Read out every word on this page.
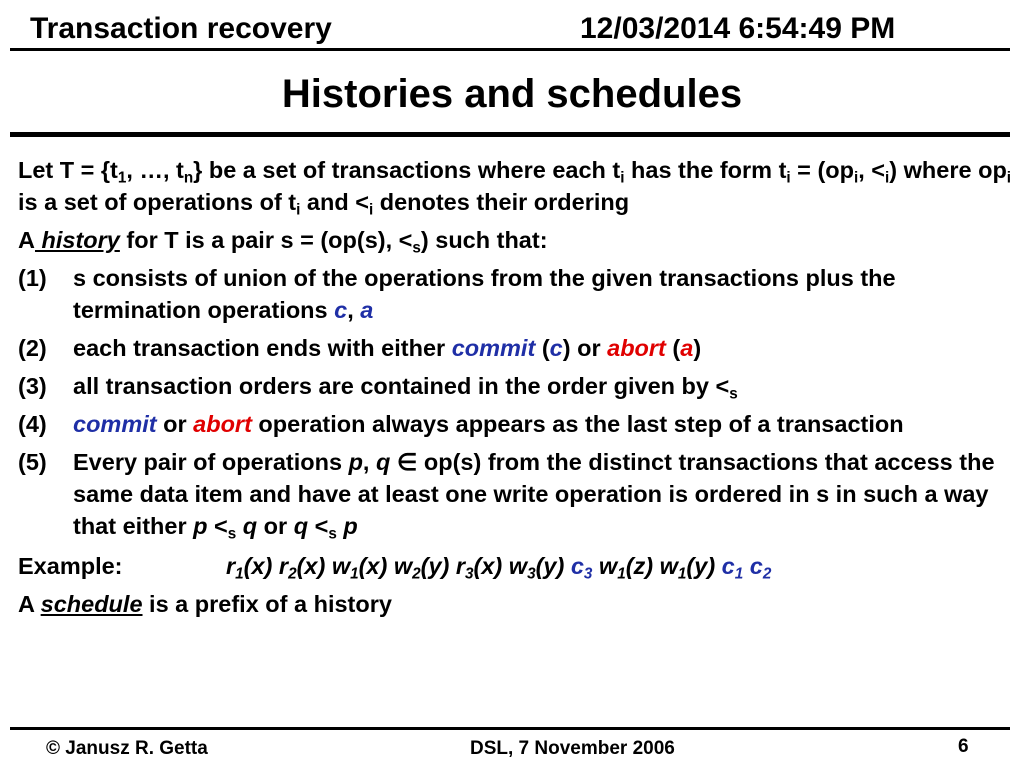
Transaction recovery	12/03/2014 6:54:49 PM
Histories and schedules

Let $T = \{t_1$, …, $t_n$} be a set of transactions where each $t_i$ has the form $t_i = (op_i$, $<_i$) where $op_i$ is a set of operations of $t_i$ and $<_i$ denotes their ordering

A history for T is a pair s = (op(s), $<_s$) such that:

(1)	s consists of union of the operations from the given transactions plus the termination operations c, a
(2)	each transaction ends with either commit (c) or abort (a)
(3)	all transaction orders are contained in the order given by $<_s$
(4)	commit or abort operation always appears as the last step of a transaction
(5)	Every pair of operations p, q ∈ op(s) from the distinct transactions that access the same data item and have at least one write operation is ordered in s in such a way that either $p <_s$ q or $q <_s$ p
Example:	$r_1(x)$ $r_2(x)$ $w_1(x)$ $w_2(y)$ $r_3(x)$ $w_3(y)$ $c_3$ $w_1(z)$ $w_1(y)$ $c_1$ $c_2$

A schedule is a prefix of a history

© Janusz R. Getta	DSL, 7 November 2006	6
